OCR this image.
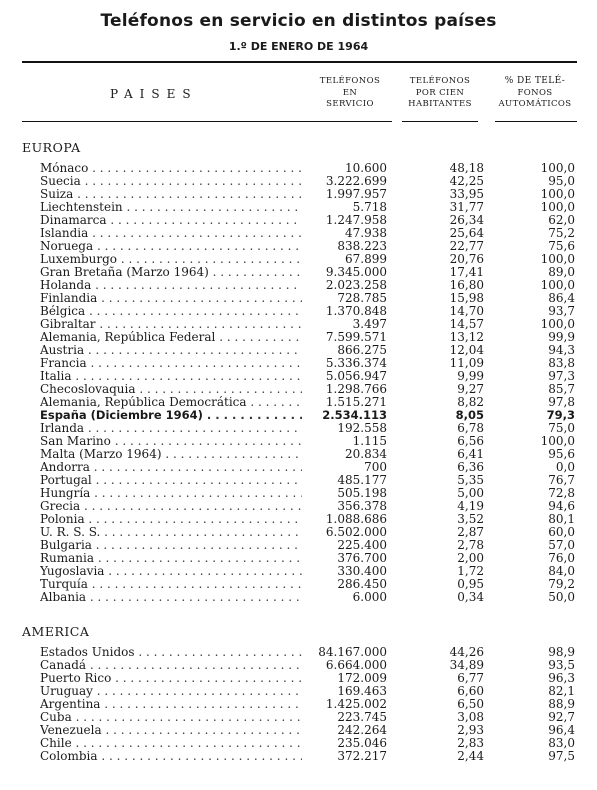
Teléfonos en servicio en distintos países
1.º DE ENERO DE 1964
PAISES
TELÉFONOS
EN
SERVICIO
TELÉFONOS
POR CIEN
HABITANTES
% DE TELÉ-
FONOS
AUTOMÁTICOS
EUROPA
Mónaco . . .	10.600	48,18	100,0
Suecia . . .	3.222.699	42,25	95,0
Suiza . . .	1.997.957	33,95	100,0
Liechtenstein . . .	5.718	31,77	100,0
Dinamarca . . .	1.247.958	26,34	62,0
Islandia . . .	47.938	25,64	75,2
Noruega . . .	838.223	22,77	75,6
Luxemburgo . . .	67.899	20,76	100,0
Gran Bretaña (Marzo 1964) . . .	9.345.000	17,41	89,0
Holanda . . .	2.023.258	16,80	100,0
Finlandia . . .	728.785	15,98	86,4
Bélgica . . .	1.370.848	14,70	93,7
Gibraltar . . .	3.497	14,57	100,0
Alemania, República Federal . . .	7.599.571	13,12	99,9
Austria . . .	866.275	12,04	94,3
Francia . . .	5.336.374	11,09	83,8
Italia . . .	5.056.947	9,99	97,3
Checoslovaquia . . .	1.298.766	9,27	85,7
Alemania, República Democrática . . .	1.515.271	8,82	97,8
España (Diciembre 1964) . . .	2.534.113	8,05	79,3
Irlanda . . .	192.558	6,78	75,0
San Marino . . .	1.115	6,56	100,0
Malta (Marzo 1964) . . .	20.834	6,41	95,6
Andorra . . .	700	6,36	0,0
Portugal . . .	485.177	5,35	76,7
Hungría . . .	505.198	5,00	72,8
Grecia . . .	356.378	4,19	94,6
Polonia . . .	1.088.686	3,52	80,1
U. R. S. S. . . .	6.502.000	2,87	60,0
Bulgaria . . .	225.400	2,78	57,0
Rumania . . .	376.700	2,00	76,0
Yugoslavia . . .	330.400	1,72	84,0
Turquía . . .	286.450	0,95	79,2
Albania . . .	6.000	0,34	50,0
AMERICA
Estados Unidos . . .	84.167.000	44,26	98,9
Canadá . . .	6.664.000	34,89	93,5
Puerto Rico . . .	172.009	6,77	96,3
Uruguay . . .	169.463	6,60	82,1
Argentina . . .	1.425.002	6,50	88,9
Cuba . . .	223.745	3,08	92,7
Venezuela . . .	242.264	2,93	96,4
Chile . . .	235.046	2,83	83,0
Colombia . . .	372.217	2,44	97,5
